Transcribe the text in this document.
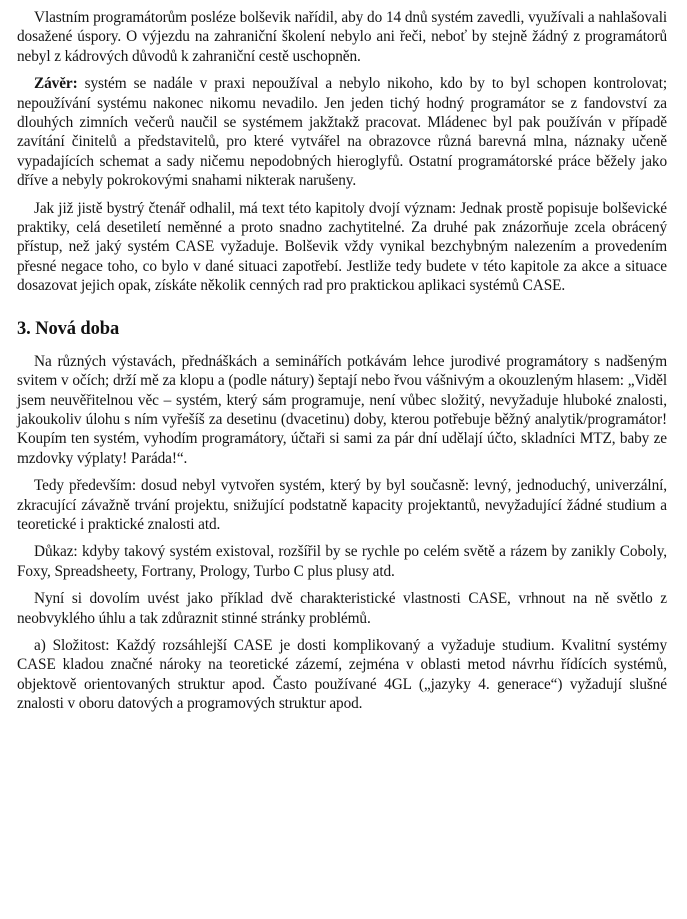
Vlastním programátorům posléze bolševik nařídil, aby do 14 dnů systém zavedli, využívali a nahlašovali dosažené úspory. O výjezdu na zahraniční školení nebylo ani řeči, neboť by stejně žádný z programátorů nebyl z kádrových důvodů k zahraniční cestě uschopněn.

Závěr: systém se nadále v praxi nepoužíval a nebylo nikoho, kdo by to byl schopen kontrolovat; nepoužívání systému nakonec nikomu nevadilo. Jen jeden tichý hodný programátor se z fandovství za dlouhých zimních večerů naučil se systémem jakžtakž pracovat. Mládenec byl pak používán v případě zavítání činitelů a představitelů, pro které vytvářel na obrazovce různá barevná mlna, náznaky učeně vypadajících schemat a sady ničemu nepodobných hieroglyfů. Ostatní programátorské práce běžely jako dříve a nebyly pokrokovými snahami nikterak narušeny.

Jak již jistě bystrý čtenář odhalil, má text této kapitoly dvojí význam: Jednak prostě popisuje bolševické praktiky, celá desetiletí neměnné a proto snadno zachytitelné. Za druhé pak znázorňuje zcela obrácený přístup, než jaký systém CASE vyžaduje. Bolševik vždy vynikal bezchybným nalezením a provedením přesné negace toho, co bylo v dané situaci zapotřebí. Jestliže tedy budete v této kapitole za akce a situace dosazovat jejich opak, získáte několik cenných rad pro praktickou aplikaci systémů CASE.

3. Nová doba

Na různých výstavách, přednáškách a seminářích potkávám lehce jurodivé programátory s nadšeným svitem v očích; drží mě za klopu a (podle nátury) šeptají nebo řvou vášnivým a okouzleným hlasem: „Viděl jsem neuvěřitelnou věc – systém, který sám programuje, není vůbec složitý, nevyžaduje hluboké znalosti, jakoukoliv úlohu s ním vyřešíš za desetinu (dvacetinu) doby, kterou potřebuje běžný analytik/programátor! Koupím ten systém, vyhodím programátory, účtaři si sami za pár dní udělají účto, skladníci MTZ, baby ze mzdovky výplaty! Paráda!“.

Tedy především: dosud nebyl vytvořen systém, který by byl současně: levný, jednoduchý, univerzální, zkracující závažně trvání projektu, snižující podstatně kapacity projektantů, nevyžadující žádné studium a teoretické i praktické znalosti atd.

Důkaz: kdyby takový systém existoval, rozšířil by se rychle po celém světě a rázem by zanikly Coboly, Foxy, Spreadsheety, Fortrany, Prology, Turbo C plus plusy atd.

Nyní si dovolím uvést jako příklad dvě charakteristické vlastnosti CASE, vrhnout na ně světlo z neobvyklého úhlu a tak zdůraznit stinné stránky problémů.

a) Složitost: Každý rozsáhlejší CASE je dosti komplikovaný a vyžaduje studium. Kvalitní systémy CASE kladou značné nároky na teoretické zázemí, zejména v oblasti metod návrhu řídících systémů, objektově orientovaných struktur apod. Často používané 4GL („jazyky 4. generace“) vyžadují slušné znalosti v oboru datových a programových struktur apod.
